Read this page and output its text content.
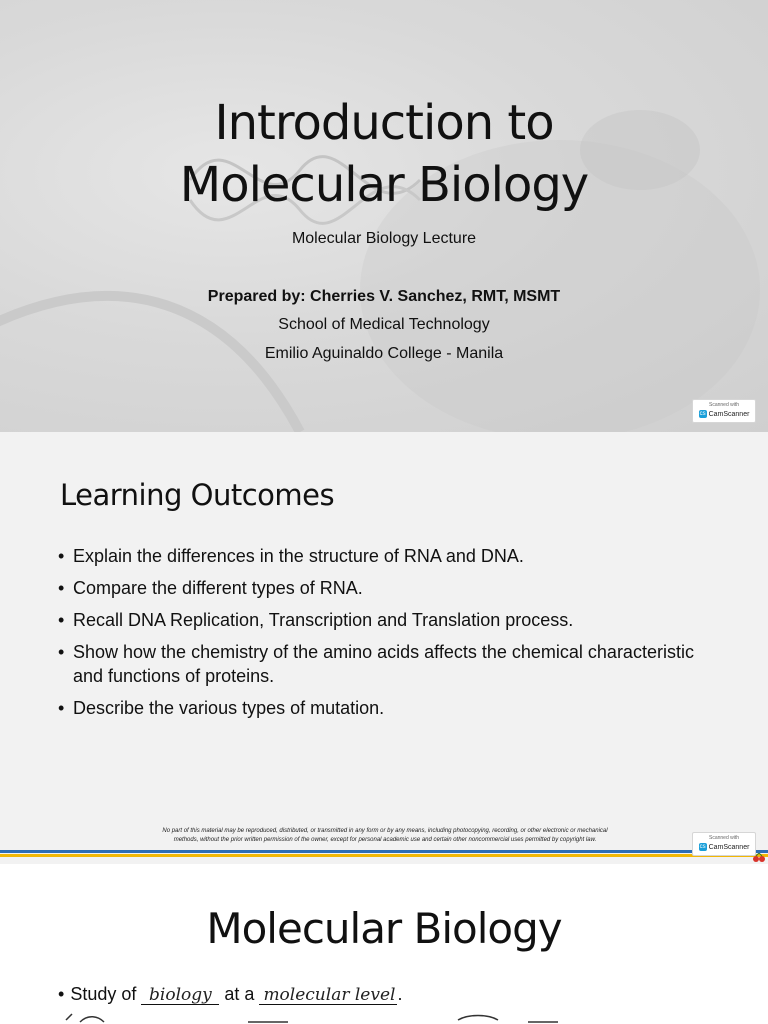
Introduction to
Molecular Biology
Molecular Biology Lecture
Prepared by: Cherries V. Sanchez, RMT, MSMT
School of Medical Technology
Emilio Aguinaldo College - Manila
Scanned with
cs CamScanner
Learning Outcomes
• Explain the differences in the structure of RNA and DNA.
• Compare the different types of RNA.
• Recall DNA Replication, Transcription and Translation process.
• Show how the chemistry of the amino acids affects the chemical characteristic and functions of proteins.
• Describe the various types of mutation.
No part of this material may be reproduced, distributed, or transmitted in any form or by any means, including photocopying, recording, or other electronic or mechanical
methods, without the prior written permission of the owner, except for personal academic use and certain other noncommercial uses permitted by copyright law.	Scanned with
cs CamScanner
Molecular Biology
• Study of biology at a molecular level .
